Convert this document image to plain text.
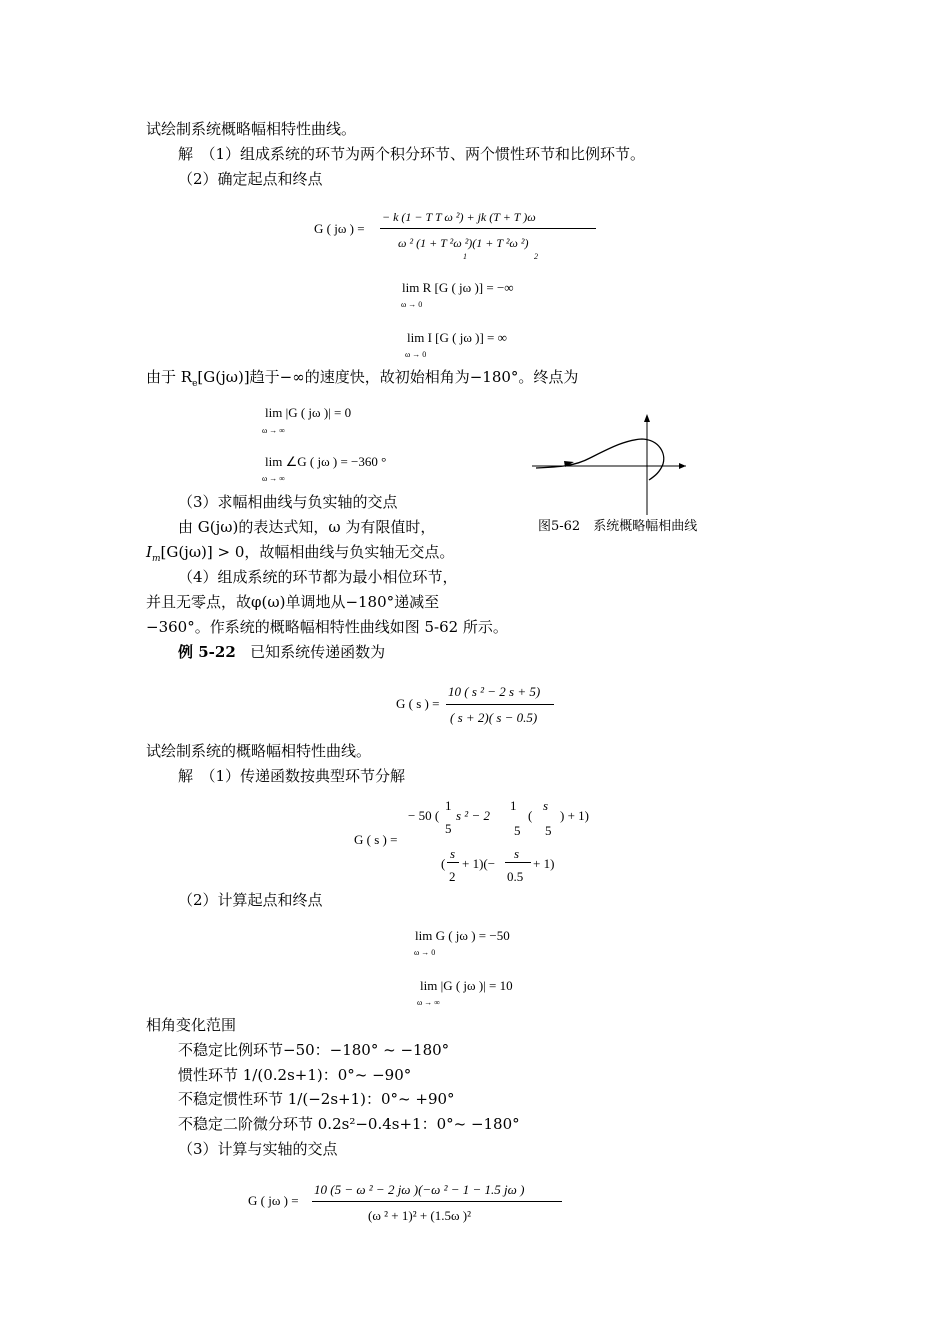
试绘制系统概略幅相特性曲线。
解　（1）组成系统的环节为两个积分环节、两个惯性环节和比例环节。
（2）确定起点和终点
G ( jω ) =
− k (1 − T T ω ²) + jk (T + T )ω
ω ² (1 + T ²ω ²)(1 + T ²ω ²)
1	2
lim R [G ( jω )] = −∞
ω → 0
lim I [G ( jω )] = ∞
ω → 0
由于 $R_e[G(j\omega)]$趋于−∞的速度快，故初始相角为−180°。终点为
lim |G ( jω )| = 0
ω → ∞
lim ∠G ( jω ) = −360 °
ω → ∞
图5-62　系统概略幅相曲线
（3）求幅相曲线与负实轴的交点
由 G(jω)的表达式知，ω 为有限值时，
$I_m[G(j\omega)] > 0$，故幅相曲线与负实轴无交点。
（4）组成系统的环节都为最小相位环节，
并且无零点，故φ(ω)单调地从−180°递减至
−360°。作系统的概略幅相特性曲线如图 5-62 所示。
例 5-22 已知系统传递函数为
G ( s ) =
10 ( s ² − 2 s + 5)
( s + 2)( s − 0.5)
试绘制系统的概略幅相特性曲线。
解　（1）传递函数按典型环节分解
G ( s ) =
− 50 (
1
5
s ² − 2
1
5
(
s
5
) + 1)
(
s
2
+ 1)(−
s
0.5
+ 1)
（2）计算起点和终点
lim G ( jω ) = −50
ω → 0
lim |G ( jω )| = 10
ω → ∞
相角变化范围
不稳定比例环节−50：−180° ~ −180°
惯性环节 1/(0.2s+1)：0°~ −90°
不稳定惯性环节 1/(−2s+1)：0°~ +90°
不稳定二阶微分环节 0.2s²−0.4s+1：0°~ −180°
（3）计算与实轴的交点
G ( jω ) =
10 (5 − ω ² − 2 jω )(−ω ² − 1 − 1.5 jω )
(ω ² + 1)² + (1.5ω )²
